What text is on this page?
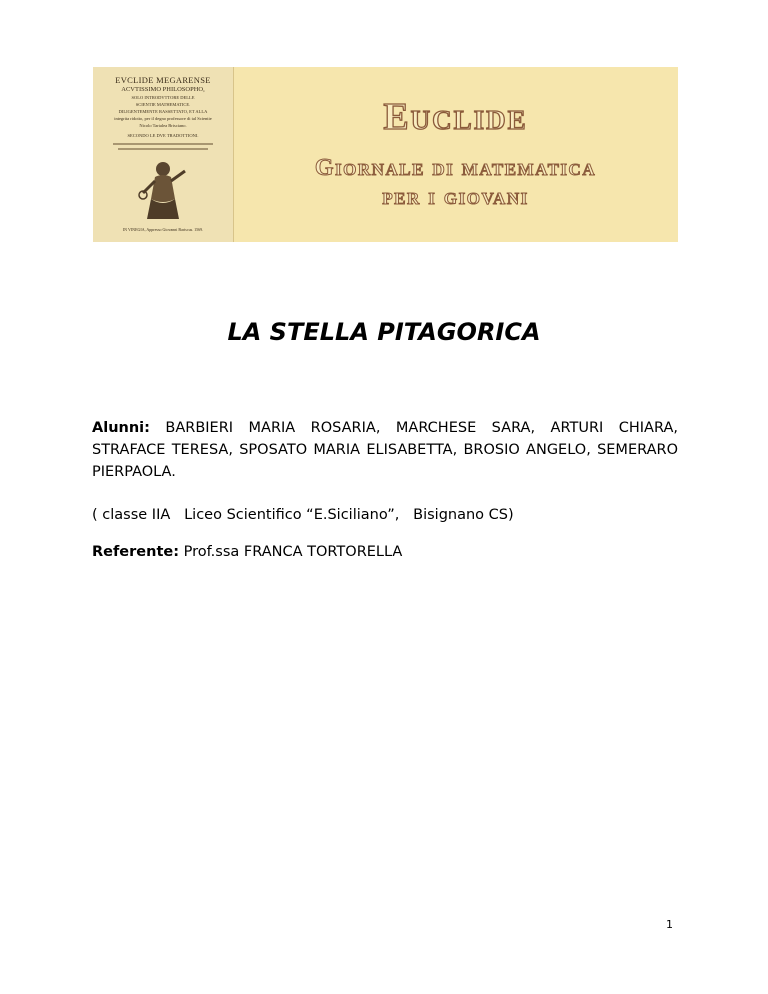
EVCLIDE MEGARENSE
ACVTISSIMO PHILOSOPHO,
SOLO INTRODVTTORE DELLE
SCIENTIE MATHEMATICE.
DILIGENTEMENTE RASSETTATO, ET ALLA
integrita ridotto, per il degno professore di tal Scientie
Nicolo Tartalea Brisciano.
SECONDO LE DVE TRADOTTIONI.
IN VINEGIA, Appresso Giovanni Bariscus. 1569.
Euclide
Giornale di matematica
per i giovani
LA STELLA PITAGORICA
Alunni: BARBIERI MARIA ROSARIA, MARCHESE SARA, ARTURI CHIARA, STRAFACE TERESA, SPOSATO MARIA ELISABETTA, BROSIO ANGELO, SEMERARO PIERPAOLA.
( classe IIA   Liceo Scientifico “E.Siciliano”,   Bisignano CS)
Referente: Prof.ssa FRANCA TORTORELLA
1
